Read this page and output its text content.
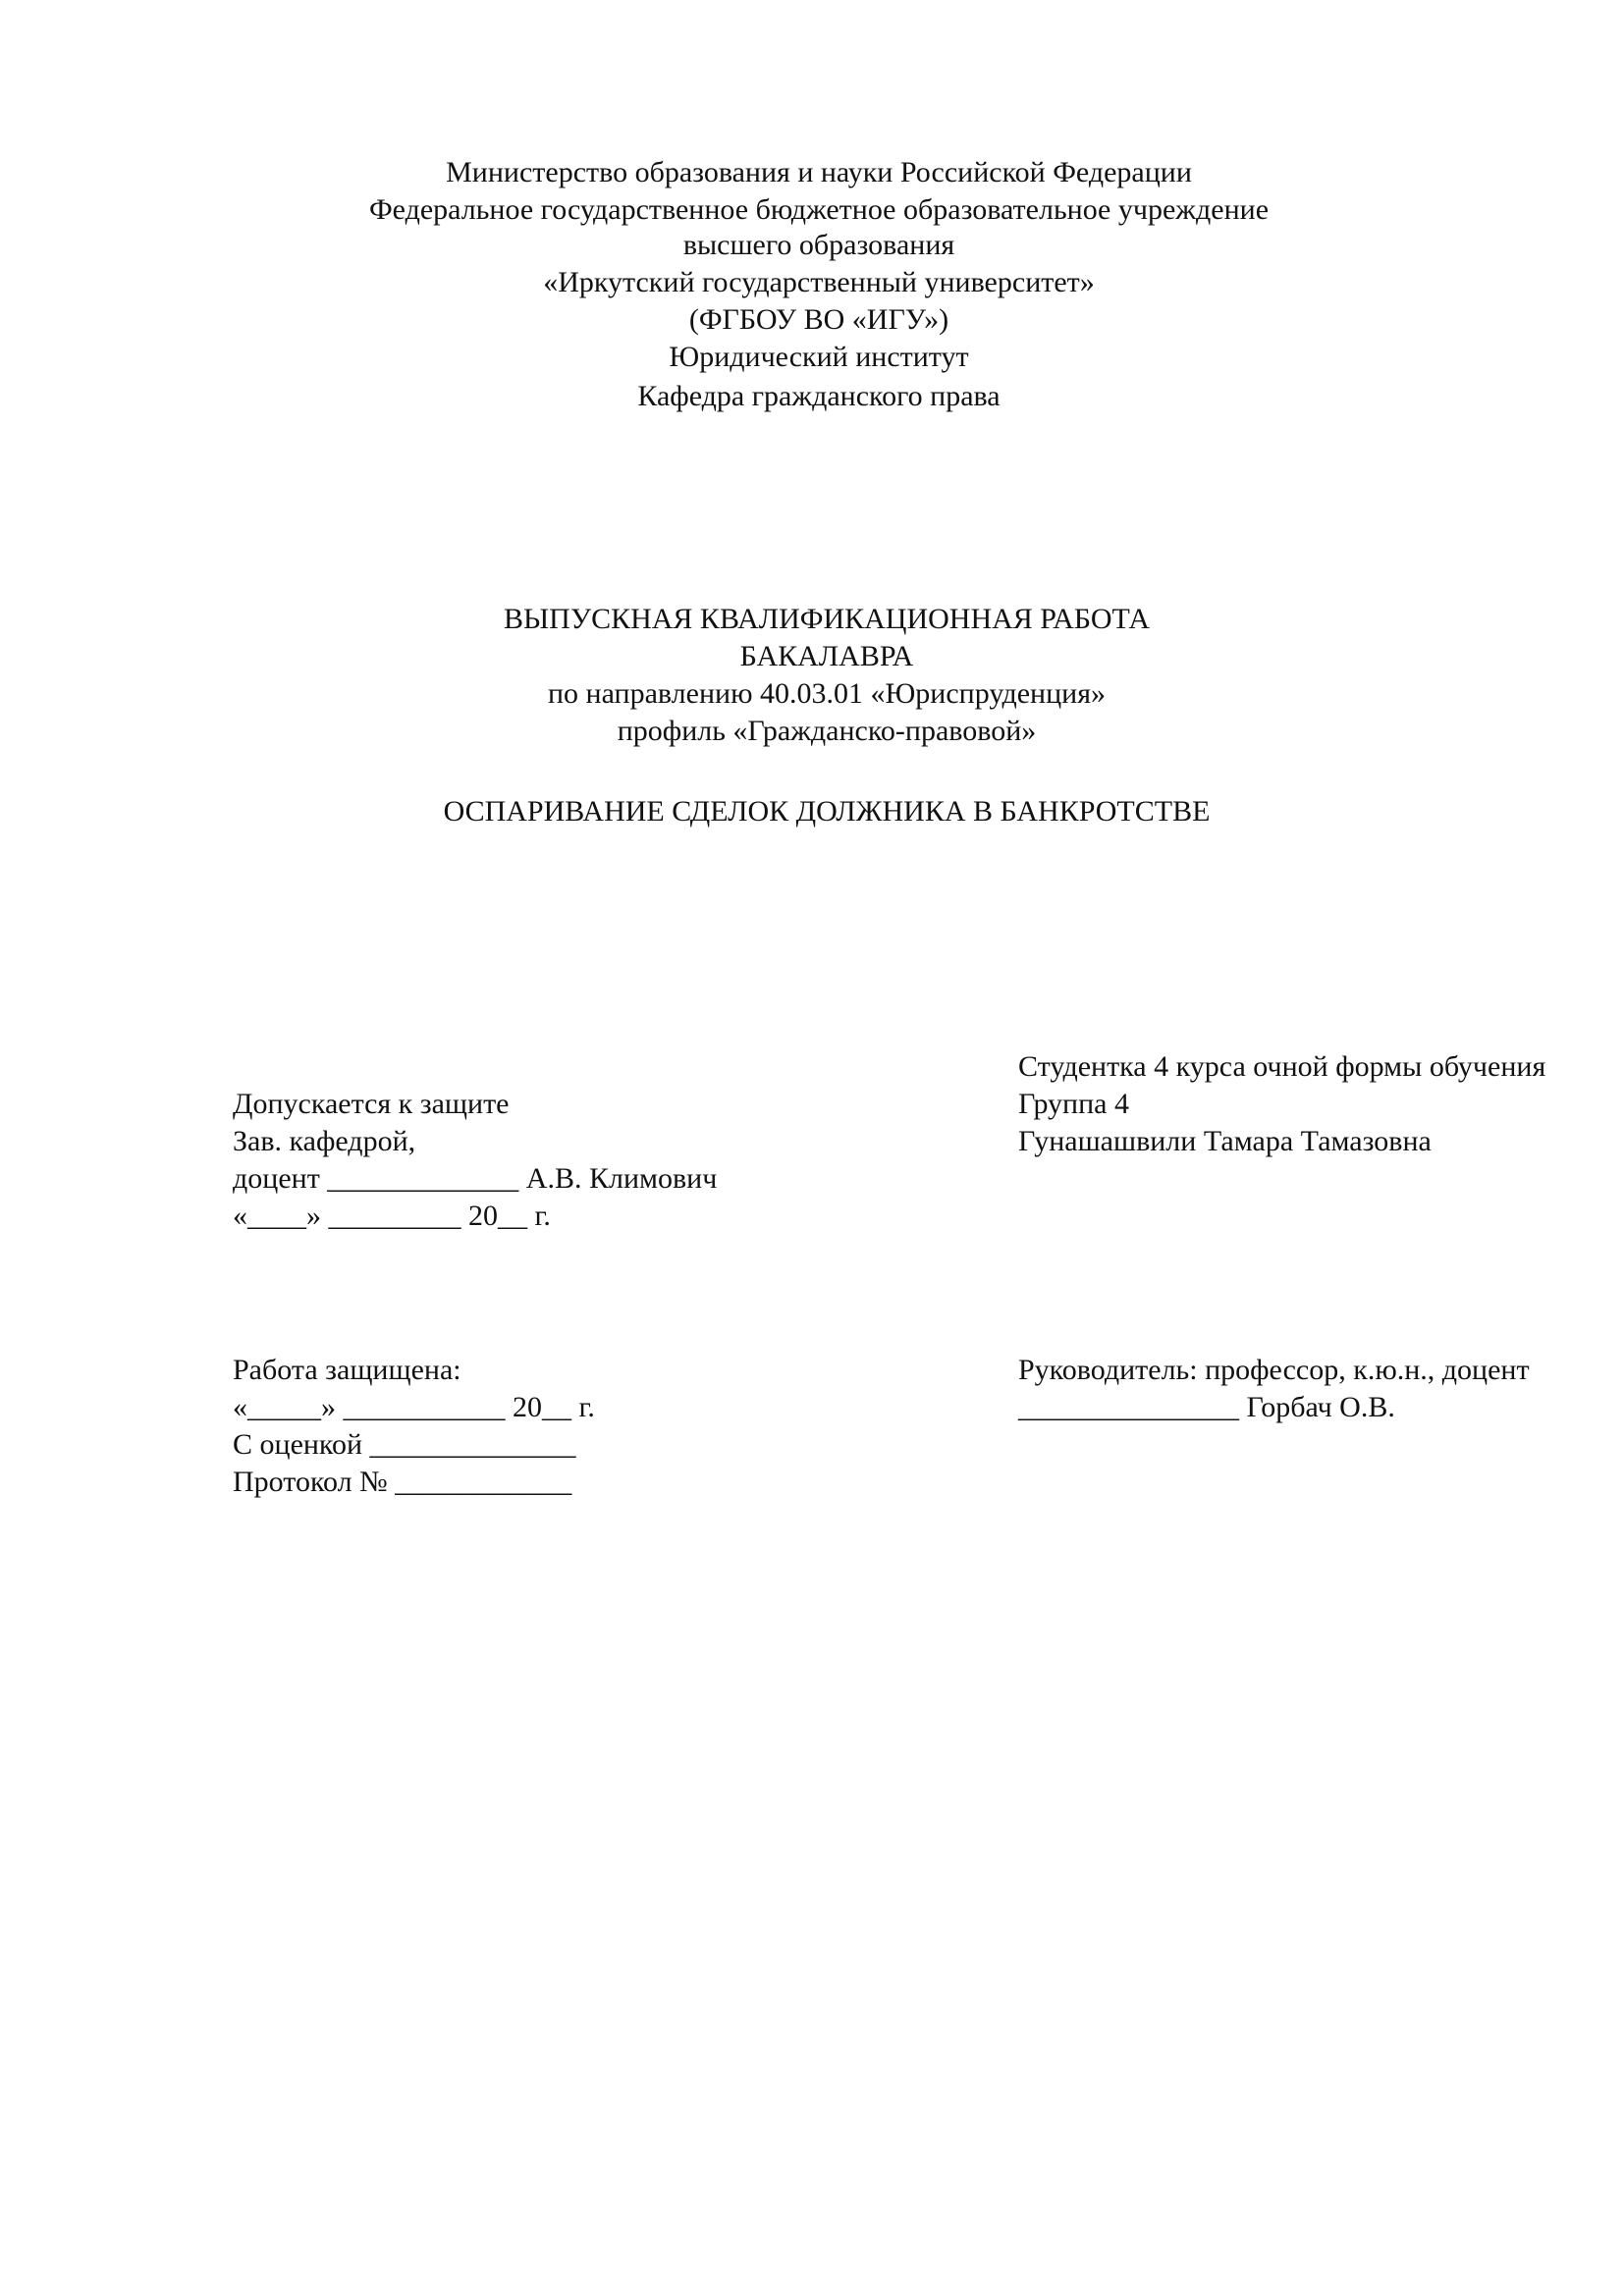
Министерство образования и науки Российской Федерации
Федеральное государственное бюджетное образовательное учреждение
высшего образования
«Иркутский государственный университет»
(ФГБОУ ВО «ИГУ»)
Юридический институт
Кафедра гражданского права
ВЫПУСКНАЯ КВАЛИФИКАЦИОННАЯ РАБОТА
БАКАЛАВРА
по направлению 40.03.01 «Юриспруденция»
профиль «Гражданско-правовой»
ОСПАРИВАНИЕ СДЕЛОК ДОЛЖНИКА В БАНКРОТСТВЕ
Допускается к защите
Зав. кафедрой,
доцент _____________ А.В. Климович
«____» _________ 20__ г.
Студентка 4 курса очной формы обучения
Группа 4
Гунашашвили Тамара Тамазовна
Работа защищена:
«_____» ___________ 20__ г.
С оценкой ______________
Протокол № ____________
Руководитель: профессор, к.ю.н., доцент
_______________ Горбач О.В.
